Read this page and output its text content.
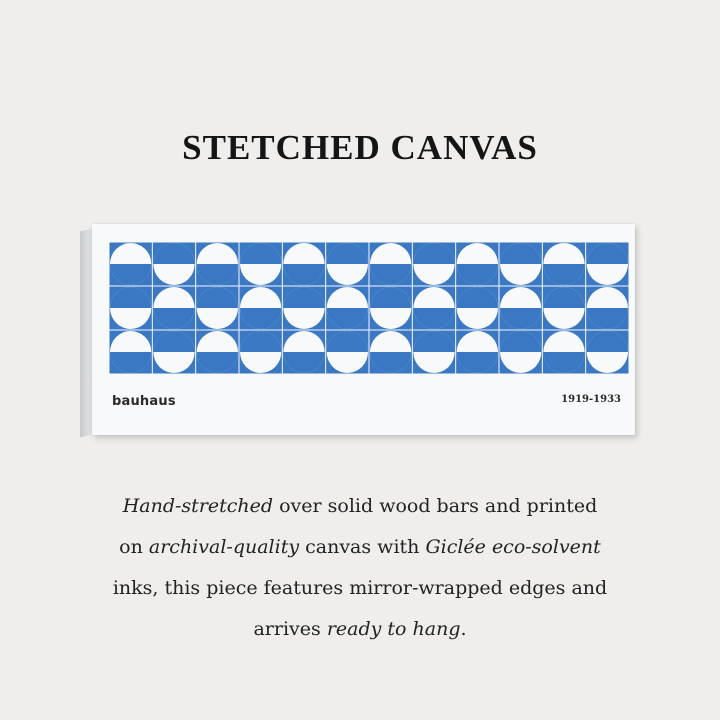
STETCHED CANVAS
bauhaus	1919-1933

Hand-stretched over solid wood bars and printed
on archival-quality canvas with Giclée eco-solvent
inks, this piece features mirror-wrapped edges and
arrives ready to hang.
